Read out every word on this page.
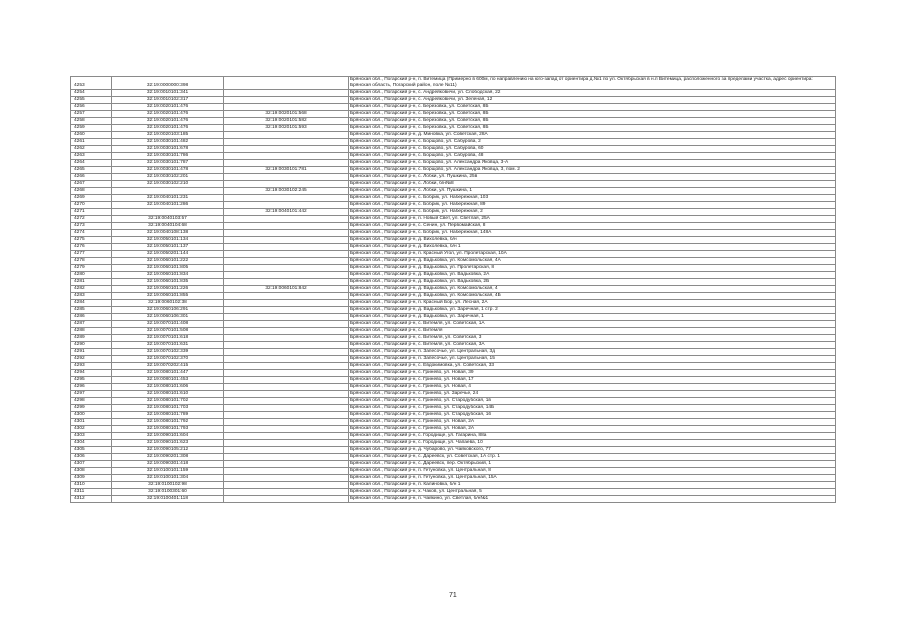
4253	32:19:0000000:398		Брянская обл., Погарский р-н, п. Витемица (Примерно в 600м, по направлению на юго-запад от ориентира д.№1 по ул. Октябрьская в н.п Витемица, расположенного за пределами участка, адрес ориентира: Брянская область, Погарский район, поле №11)
4254	32:19:0010101:341		Брянская обл., Погарский р-н, с. Андрейковичи, ул. Слободская, 22
4255	32:19:0010102:317		Брянская обл., Погарский р-н, с. Андрейковичи, ул. Зеленая, 12
4256	32:19:0020101:476		Брянская обл., Погарский р-н, с. Березовка, ул. Советская, 8Б
4257	32:19:0020101:476	32:19:0020101:568	Брянская обл., Погарский р-н, с. Березовка, ул. Советская, 8Б
4258	32:19:0020101:476	32:19:0020101:582	Брянская обл., Погарский р-н, с. Березовка, ул. Советская, 8Б
4259	32:19:0020101:476	32:19:0020101:593	Брянская обл., Погарский р-н, с. Березовка, ул. Советская, 8Б
4260	32:19:0020103:185		Брянская обл., Погарский р-н, д. Миновка, ул. Советская, 28А
4261	32:19:0030101:482		Брянская обл., Погарский р-н, с. Борщово, ул. Сабурова, 2
4262	32:19:0030101:678		Брянская обл., Погарский р-н, с. Борщово, ул. Сабурова, 60
4263	32:19:0030101:786		Брянская обл., Погарский р-н, с. Борщово, ул. Сабурова, 48
4264	32:19:0030101:787		Брянская обл., Погарский р-н, с. Борщово, ул. Александра Яковца, 3-А
4265	32:19:0030101:478	32:19:0030101:781	Брянская обл., Погарский р-н, с. Борщово, ул. Александра Яковца, 3, пом. 2
4266	32:19:0030102:201		Брянская обл., Погарский р-н, с. Лобки, ул. Пушкина, 25в
4267	32:19:0030102:210		Брянская обл., Погарский р-н, с. Лобки, б/н№8
4268		32:19:0030102:245	Брянская обл., Погарский р-н, с. Лобки, ул. Пушкина, 1
4269	32:19:0040101:231		Брянская обл., Погарский р-н, с. Бобрик, ул. Набережная, 103
4270	32:19:0040101:286		Брянская обл., Погарский р-н, с. Бобрик, ул. Набережная, 89
4271		32:19:0040101:442	Брянская обл., Погарский р-н, с. Бобрик, ул. Набережная, 2
4272	32:19:0040103:57		Брянская обл., Погарский р-н, п. Новый Свет, ул. Светлая, 25А
4273	32:19:0040104:68		Брянская обл., Погарский р-н, с. Сенин, ул. Первомайская, 8
4274	32:19:0040108:138		Брянская обл., Погарский р-н, с. Бобрик, ул. Набережная, 148А
4275	32:19:0050101:134		Брянская обл., Погарский р-н, д. Вихолевка, б/н
4276	32:19:0050101:137		Брянская обл., Погарский р-н, д. Вихолевка, б/н 1
4277	32:19:0050201:144		Брянская обл., Погарский р-н, п. Красный Угол, ул. Пролетарская, 10А
4278	32:19:0060101:222		Брянская обл., Погарский р-н, д. Вадьковка, ул. Комсомольская, 4А
4279	32:19:0060101:805		Брянская обл., Погарский р-н, д. Вадьковка, ул. Пролетарская, 8
4280	32:19:0060101:834		Брянская обл., Погарский р-н, д. Вадьковка, ул. Вадьковка, 2А
4281	32:19:0060101:835		Брянская обл., Погарский р-н, д. Вадьковка, ул. Вадьковка, 2Б
4282	32:19:0060101:226	32:19:0060101:842	Брянская обл., Погарский р-н, д. Вадьковка, ул. Комсомольская, 4
4283	32:19:0060101:855		Брянская обл., Погарский р-н, д. Вадьковка, ул. Комсомольская, 4Б
4284	32:19:0060102:38		Брянская обл., Погарский р-н, п. Красный Бор, ул. Лесная, 2А
4285	32:19:0060106:291		Брянская обл., Погарский р-н, д. Вадьковка, ул. Заречная, 1 стр. 2
4286	32:19:0060106:301		Брянская обл., Погарский р-н, д. Вадьковка, ул. Заречная, 1
4287	32:19:0070101:408		Брянская обл., Погарский р-н, с. Витемля, ул. Советская, 1А
4288	32:19:0070101:508		Брянская обл., Погарский р-н, с. Витемля
4289	32:19:0070101:618		Брянская обл., Погарский р-н, с. Витемля, ул. Советская, 3
4290	32:19:0070101:631		Брянская обл., Погарский р-н, с. Витемля, ул. Советская, 3А
4291	32:19:0070102:339		Брянская обл., Погарский р-н, п. Запесочье, ул. Центральная, 3д
4292	32:19:0070102:370		Брянская обл., Погарский р-н, п. Запесочье, ул. Центральная, 15
4293	32:19:0070202:415		Брянская обл., Погарский р-н, с. Евдокимовка, ул. Советская, 33
4294	32:19:0080101:447		Брянская обл., Погарский р-н, с. Гринево, ул. Новая, 39
4295	32:19:0080101:453		Брянская обл., Погарский р-н, с. Гринево, ул. Новая, 17
4296	32:19:0080101:606		Брянская обл., Погарский р-н, с. Гринево, ул. Новая, 4
4297	32:19:0080101:610		Брянская обл., Погарский р-н, с. Гринево, ул. Заречье, 24
4298	32:19:0080101:702		Брянская обл., Погарский р-н, с. Гринево, ул. Стародубская, 1в
4299	32:19:0080101:703		Брянская обл., Погарский р-н, с. Гринево, ул. Стародубская, 14Б
4300	32:19:0080101:789		Брянская обл., Погарский р-н, с. Гринево, ул. Стародубская, 16
4301	32:19:0080101:792		Брянская обл., Погарский р-н, с. Гринево, ул. Новая, 2А
4302	32:19:0080101:793		Брянская обл., Погарский р-н, с. Гринево, ул. Новая, 2А
4303	32:19:0090101:604		Брянская обл., Погарский р-н, с. Городище, ул. Гагарина, 88а
4304	32:19:0090101:623		Брянская обл., Погарский р-н, с. Городище, ул. Чапаева, 10
4305	32:19:0090105:212		Брянская обл., Погарский р-н, д. Чубарово, ул. Чайковского, 77
4306	32:19:0090201:308		Брянская обл., Погарский р-н, с. Дареевск, ул. Советская, 1А стр. 1
4307	32:19:0090301:418		Брянская обл., Погарский р-н, с. Дареевск, пер. Октябрьский, 1
4308	32:19:0100101:159		Брянская обл., Погарский р-н, п. Гетуновка, ул. Центральная, 8
4309	32:19:0100101:304		Брянская обл., Погарский р-н, п. Гетуновка, ул. Центральная, 15А
4310	32:19:0100102:98		Брянская обл., Погарский р-н, п. Калиновка, б/н 1
4311	32:19:0100301:60		Брянская обл., Погарский р-н, х. Чаков, ул. Центральная, 5
4312	32:19:0100401:118		Брянская обл., Погарский р-н, п. Чайкино, ул. Светлая, б/н№1
71
